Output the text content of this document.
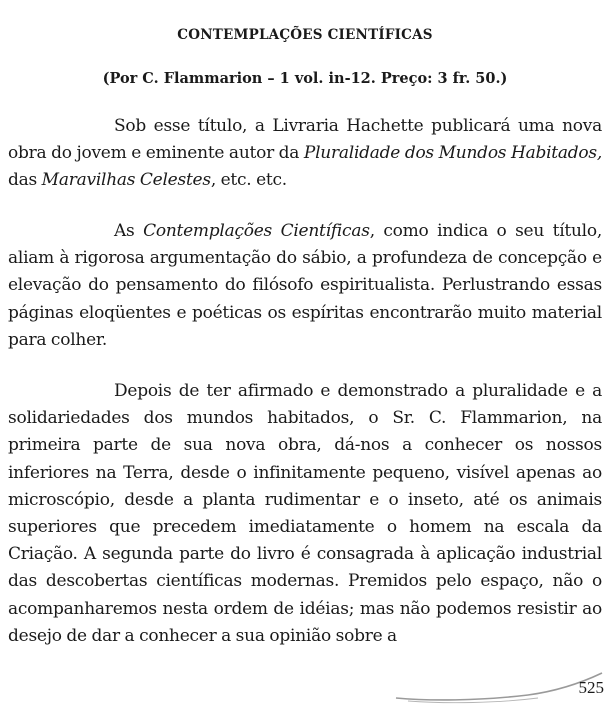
CONTEMPLAÇÕES CIENTÍFICAS

(Por C. Flammarion – 1 vol. in-12. Preço: 3 fr. 50.)

Sob esse título, a Livraria Hachette publicará uma nova obra do jovem e eminente autor da Pluralidade dos Mundos Habitados, das Maravilhas Celestes, etc. etc.

As Contemplações Científicas, como indica o seu título, aliam à rigorosa argumentação do sábio, a profundeza de concepção e elevação do pensamento do filósofo espiritualista. Perlustrando essas páginas eloqüentes e poéticas os espíritas encontrarão muito material para colher.

Depois de ter afirmado e demonstrado a pluralidade e a solidariedades dos mundos habitados, o Sr. C. Flammarion, na primeira parte de sua nova obra, dá-nos a conhecer os nossos inferiores na Terra, desde o infinitamente pequeno, visível apenas ao microscópio, desde a planta rudimentar e o inseto, até os animais superiores que precedem imediatamente o homem na escala da Criação. A segunda parte do livro é consagrada à aplicação industrial das descobertas científicas modernas. Premidos pelo espaço, não o acompanharemos nesta ordem de idéias; mas não podemos resistir ao desejo de dar a conhecer a sua opinião sobre a

525
